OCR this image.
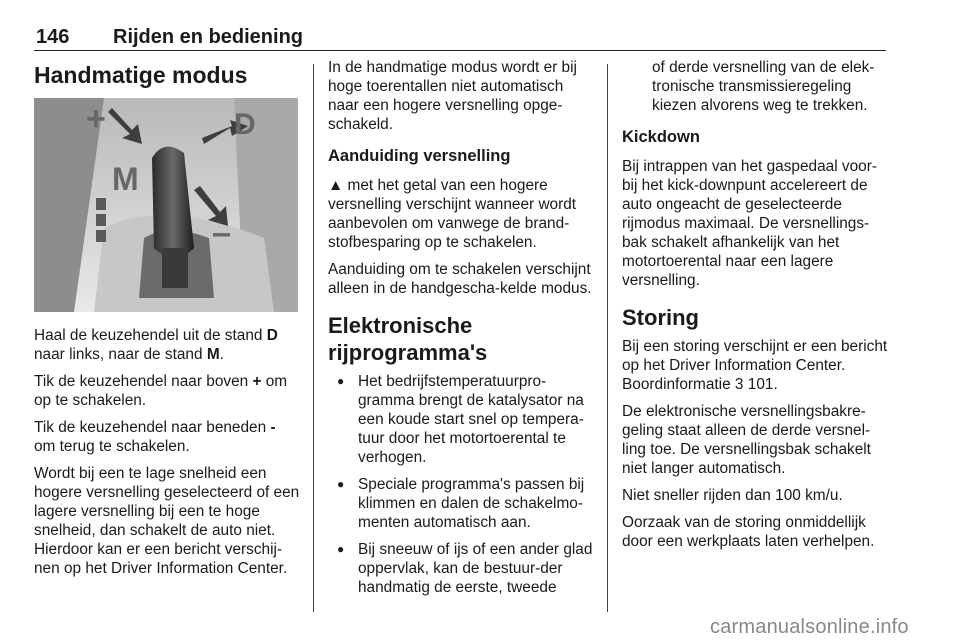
146 Rijden en bediening
Handmatige modus
+	D
M
–

Haal de keuzehendel uit de stand D naar links, naar de stand M.

Tik de keuzehendel naar boven + om op te schakelen.

Tik de keuzehendel naar beneden - om terug te schakelen.

Wordt bij een te lage snelheid een hogere versnelling geselecteerd of een lagere versnelling bij een te hoge snelheid, dan schakelt de auto niet. Hierdoor kan er een bericht verschij-nen op het Driver Information Center.

In de handmatige modus wordt er bij hoge toerentallen niet automatisch naar een hogere versnelling opge-schakeld.

Aanduiding versnelling

▲ met het getal van een hogere versnelling verschijnt wanneer wordt aanbevolen om vanwege de brand-stofbesparing op te schakelen.

Aanduiding om te schakelen verschijnt alleen in de handgescha-kelde modus.

Elektronische rijprogramma's
● Het bedrijfstemperatuurpro-gramma brengt de katalysator na een koude start snel op tempera-tuur door het motortoerental te verhogen.
● Speciale programma's passen bij klimmen en dalen de schakelmo-menten automatisch aan.
● Bij sneeuw of ijs of een ander glad oppervlak, kan de bestuur-der handmatig de eerste, tweede
of derde versnelling van de elek-tronische transmissieregeling kiezen alvorens weg te trekken.
Kickdown

Bij intrappen van het gaspedaal voor-bij het kick-downpunt accelereert de auto ongeacht de geselecteerde rijmodus maximaal. De versnellings-bak schakelt afhankelijk van het motortoerental naar een lagere versnelling.

Storing

Bij een storing verschijnt er een bericht op het Driver Information Center. Boordinformatie 3 101.

De elektronische versnellingsbakre-geling staat alleen de derde versnel-ling toe. De versnellingsbak schakelt niet langer automatisch.

Niet sneller rijden dan 100 km/u.

Oorzaak van de storing onmiddellijk door een werkplaats laten verhelpen.

carmanualsonline.info
